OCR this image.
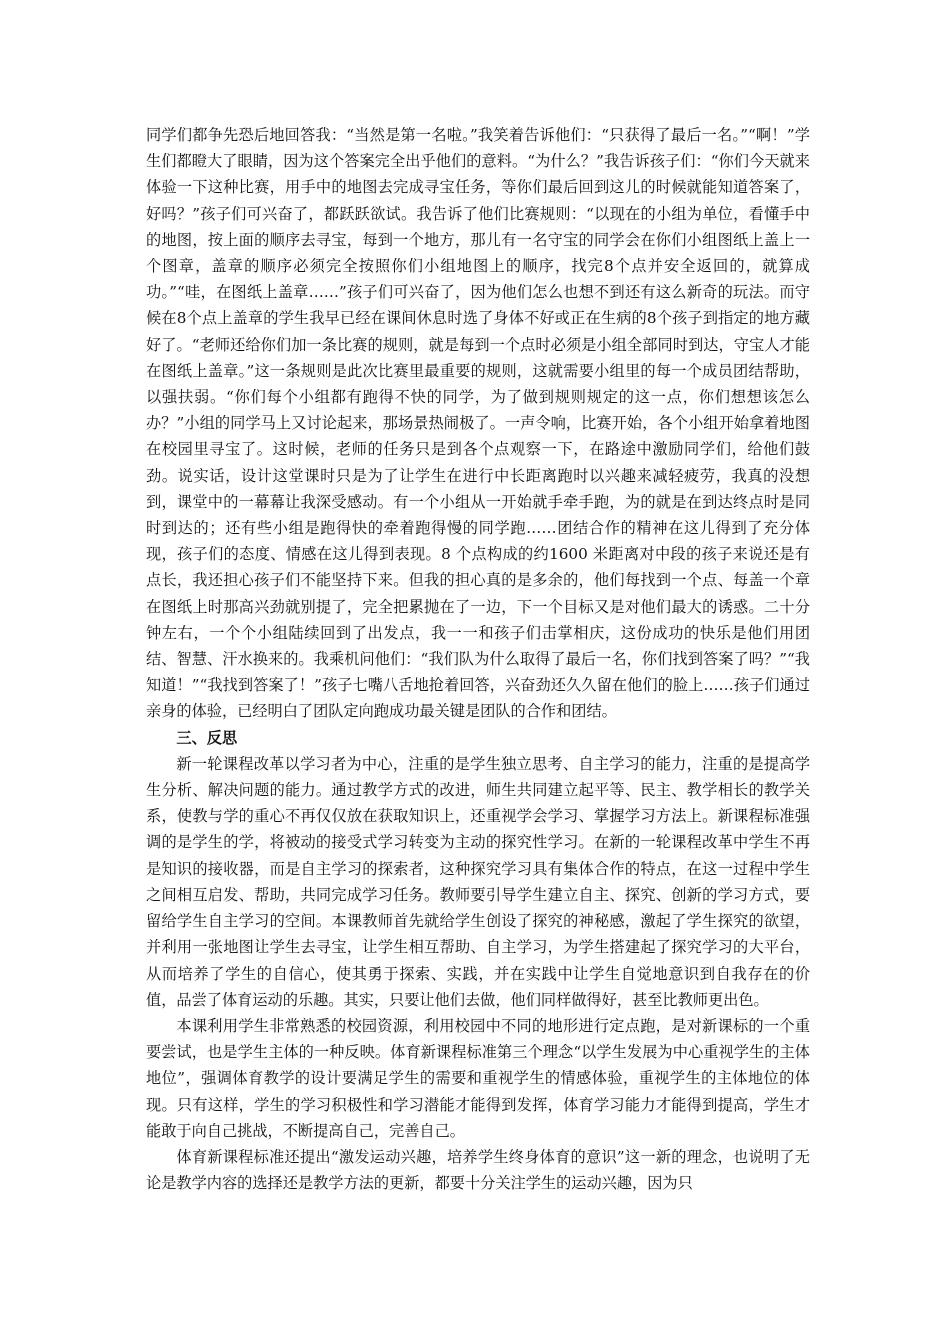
同学们都争先恐后地回答我：“当然是第一名啦。”我笑着告诉他们：“只获得了最后一名。”“啊！”学生们都瞪大了眼睛，因为这个答案完全出乎他们的意料。“为什么？”我告诉孩子们：“你们今天就来体验一下这种比赛，用手中的地图去完成寻宝任务，等你们最后回到这儿的时候就能知道答案了，好吗？”孩子们可兴奋了，都跃跃欲试。我告诉了他们比赛规则：“以现在的小组为单位，看懂手中的地图，按上面的顺序去寻宝，每到一个地方，那儿有一名守宝的同学会在你们小组图纸上盖上一个图章，盖章的顺序必须完全按照你们小组地图上的顺序，找完8个点并安全返回的，就算成功。”“哇，在图纸上盖章……”孩子们可兴奋了，因为他们怎么也想不到还有这么新奇的玩法。而守候在8个点上盖章的学生我早已经在课间休息时选了身体不好或正在生病的8个孩子到指定的地方藏好了。“老师还给你们加一条比赛的规则，就是每到一个点时必须是小组全部同时到达，守宝人才能在图纸上盖章。”这一条规则是此次比赛里最重要的规则，这就需要小组里的每一个成员团结帮助，以强扶弱。“你们每个小组都有跑得不快的同学，为了做到规则规定的这一点，你们想想该怎么办？”小组的同学马上又讨论起来，那场景热闹极了。一声令响，比赛开始，各个小组开始拿着地图在校园里寻宝了。这时候，老师的任务只是到各个点观察一下，在路途中激励同学们，给他们鼓劲。说实话，设计这堂课时只是为了让学生在进行中长距离跑时以兴趣来减轻疲劳，我真的没想到，课堂中的一幕幕让我深受感动。有一个小组从一开始就手牵手跑，为的就是在到达终点时是同时到达的；还有些小组是跑得快的牵着跑得慢的同学跑……团结合作的精神在这儿得到了充分体现，孩子们的态度、情感在这儿得到表现。8 个点构成的约1600 米距离对中段的孩子来说还是有点长，我还担心孩子们不能坚持下来。但我的担心真的是多余的，他们每找到一个点、每盖一个章在图纸上时那高兴劲就别提了，完全把累抛在了一边，下一个目标又是对他们最大的诱惑。二十分钟左右，一个个小组陆续回到了出发点，我一一和孩子们击掌相庆，这份成功的快乐是他们用团结、智慧、汗水换来的。我乘机问他们：“我们队为什么取得了最后一名，你们找到答案了吗？”“我知道！”“我找到答案了！”孩子七嘴八舌地抢着回答，兴奋劲还久久留在他们的脸上……孩子们通过亲身的体验，已经明白了团队定向跑成功最关键是团队的合作和团结。

三、反思

新一轮课程改革以学习者为中心，注重的是学生独立思考、自主学习的能力，注重的是提高学生分析、解决问题的能力。通过教学方式的改进，师生共同建立起平等、民主、教学相长的教学关系，使教与学的重心不再仅仅放在获取知识上，还重视学会学习、掌握学习方法上。新课程标准强调的是学生的学，将被动的接受式学习转变为主动的探究性学习。在新的一轮课程改革中学生不再是知识的接收器，而是自主学习的探索者，这种探究学习具有集体合作的特点，在这一过程中学生之间相互启发、帮助，共同完成学习任务。教师要引导学生建立自主、探究、创新的学习方式，要留给学生自主学习的空间。本课教师首先就给学生创设了探究的神秘感，激起了学生探究的欲望，并利用一张地图让学生去寻宝，让学生相互帮助、自主学习，为学生搭建起了探究学习的大平台，从而培养了学生的自信心，使其勇于探索、实践，并在实践中让学生自觉地意识到自我存在的价值，品尝了体育运动的乐趣。其实，只要让他们去做，他们同样做得好，甚至比教师更出色。

本课利用学生非常熟悉的校园资源，利用校园中不同的地形进行定点跑，是对新课标的一个重要尝试，也是学生主体的一种反映。体育新课程标准第三个理念“以学生发展为中心重视学生的主体地位”，强调体育教学的设计要满足学生的需要和重视学生的情感体验，重视学生的主体地位的体现。只有这样，学生的学习积极性和学习潜能才能得到发挥，体育学习能力才能得到提高，学生才能敢于向自己挑战，不断提高自己，完善自己。

体育新课程标准还提出“激发运动兴趣，培养学生终身体育的意识”这一新的理念，也说明了无论是教学内容的选择还是教学方法的更新，都要十分关注学生的运动兴趣，因为只
